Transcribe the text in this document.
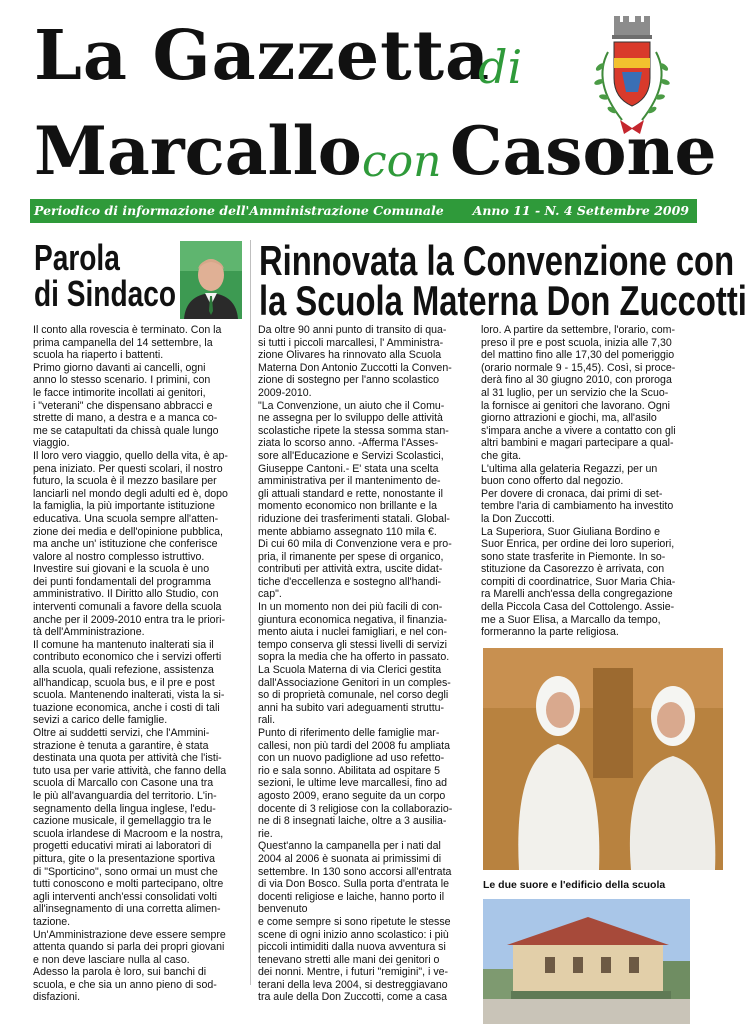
La Gazzetta
di
Marcallo con Casone
Periodico di informazione dell'Amministrazione Comunale Anno 11 - N. 4 Settembre 2009
Parola
di Sindaco
Il conto alla rovescia è terminato. Con la
prima campanella del 14 settembre, la
scuola ha riaperto i battenti.
Primo giorno davanti ai cancelli, ogni
anno lo stesso scenario. I primini, con
le facce intimorite incollati ai genitori,
i "veterani" che dispensano abbracci e
strette di mano, a destra e a manca co-
me se catapultati da chissà quale lungo
viaggio.
Il loro vero viaggio, quello della vita, è ap-
pena iniziato. Per questi scolari, il nostro
futuro, la scuola è il mezzo basilare per
lanciarli nel mondo degli adulti ed è, dopo
la famiglia, la più importante istituzione
educativa. Una scuola sempre all'atten-
zione dei media e dell'opinione pubblica,
ma anche un' istituzione che conferisce
valore al nostro complesso istruttivo.
Investire sui giovani e la scuola è uno
dei punti fondamentali del programma
amministrativo. Il Diritto allo Studio, con
interventi comunali a favore della scuola
anche per il 2009-2010 entra tra le priori-
tà dell'Amministrazione.
Il comune ha mantenuto inalterati sia il
contributo economico che i servizi offerti
alla scuola, quali refezione, assistenza
all'handicap, scuola bus, e il pre e post
scuola. Mantenendo inalterati, vista la si-
tuazione economica, anche i costi di tali
sevizi a carico delle famiglie.
Oltre ai suddetti servizi, che l'Ammini-
strazione è tenuta a garantire, è stata
destinata una quota per attività che l'isti-
tuto usa per varie attività, che fanno della
scuola di Marcallo con Casone una tra
le più all'avanguardia del territorio. L'in-
segnamento della lingua inglese, l'edu-
cazione musicale, il gemellaggio tra le
scuola irlandese di Macroom e la nostra,
progetti educativi mirati ai laboratori di
pittura, gite o la presentazione sportiva
di "Sporticino", sono ormai un must che
tutti conoscono e molti partecipano, oltre
agli interventi anch'essi consolidati volti
all'insegnamento di una corretta alimen-
tazione.
Un'Amministrazione deve essere sempre
attenta quando si parla dei propri giovani
e non deve lasciare nulla al caso.
Adesso la parola è loro, sui banchi di
scuola, e che sia un anno pieno di sod-
disfazioni.
Rinnovata la Convenzione con
la Scuola Materna Don Zuccotti
Da oltre 90 anni punto di transito di qua-
si tutti i piccoli marcallesi, l' Amministra-
zione Olivares ha rinnovato alla Scuola
Materna Don Antonio Zuccotti la Conven-
zione di sostegno per l'anno scolastico
2009-2010.
"La Convenzione, un aiuto che il Comu-
ne assegna per lo sviluppo delle attività
scolastiche ripete la stessa somma stan-
ziata lo scorso anno. -Afferma l'Asses-
sore all'Educazione e Servizi Scolastici,
Giuseppe Cantoni.- E' stata una scelta
amministrativa per il mantenimento de-
gli attuali standard e rette, nonostante il
momento economico non brillante e la
riduzione dei trasferimenti statali. Global-
mente abbiamo assegnato 110 mila €.
Di cui 60 mila di Convenzione vera e pro-
pria, il rimanente per spese di organico,
contributi per attività extra, uscite didat-
tiche d'eccellenza e sostegno all'handi-
cap".
In un momento non dei più facili di con-
giuntura economica negativa, il finanzia-
mento aiuta i nuclei famigliari, e nel con-
tempo conserva gli stessi livelli di servizi
sopra la media che ha offerto in passato.
La Scuola Materna di via Clerici gestita
dall'Associazione Genitori in un comples-
so di proprietà comunale, nel corso degli
anni ha subito vari adeguamenti struttu-
rali.
Punto di riferimento delle famiglie mar-
callesi, non più tardi del 2008 fu ampliata
con un nuovo padiglione ad uso refetto-
rio e sala sonno. Abilitata ad ospitare 5
sezioni, le ultime leve marcallesi, fino ad
agosto 2009, erano seguite da un corpo
docente di 3 religiose con la collaborazio-
ne di 8 insegnati laiche, oltre a 3 ausilia-
rie.
Quest'anno la campanella per i nati dal
2004 al 2006 è suonata ai primissimi di
settembre. In 130 sono accorsi all'entrata
di via Don Bosco. Sulla porta d'entrata le
docenti religiose e laiche, hanno porto il
benvenuto
e come sempre si sono ripetute le stesse
scene di ogni inizio anno scolastico: i più
piccoli intimiditi dalla nuova avventura si
tenevano stretti alle mani dei genitori o
dei nonni. Mentre, i futuri "remigini", i ve-
terani della leva 2004, si destreggiavano
tra aule della Don Zuccotti, come a casa
loro. A partire da settembre, l'orario, com-
preso il pre e post scuola, inizia alle 7,30
del mattino fino alle 17,30 del pomeriggio
(orario normale 9 - 15,45). Così, si proce-
derà fino al 30 giugno 2010, con proroga
al 31 luglio, per un servizio che la Scuo-
la fornisce ai genitori che lavorano. Ogni
giorno attrazioni e giochi, ma, all'asilo
s'impara anche a vivere a contatto con gli
altri bambini e magari partecipare a qual-
che gita.
L'ultima alla gelateria Regazzi, per un
buon cono offerto dal negozio.
Per dovere di cronaca, dai primi di set-
tembre l'aria di cambiamento ha investito
la Don Zuccotti.
La Superiora, Suor Giuliana Bordino e
Suor Enrica, per ordine dei loro superiori,
sono state trasferite in Piemonte. In so-
stituzione da Casorezzo è arrivata, con
compiti di coordinatrice, Suor Maria Chia-
ra Marelli anch'essa della congregazione
della Piccola Casa del Cottolengo. Assie-
me a Suor Elisa, a Marcallo da tempo,
formeranno la parte religiosa.
Le due suore e l'edificio della scuola
